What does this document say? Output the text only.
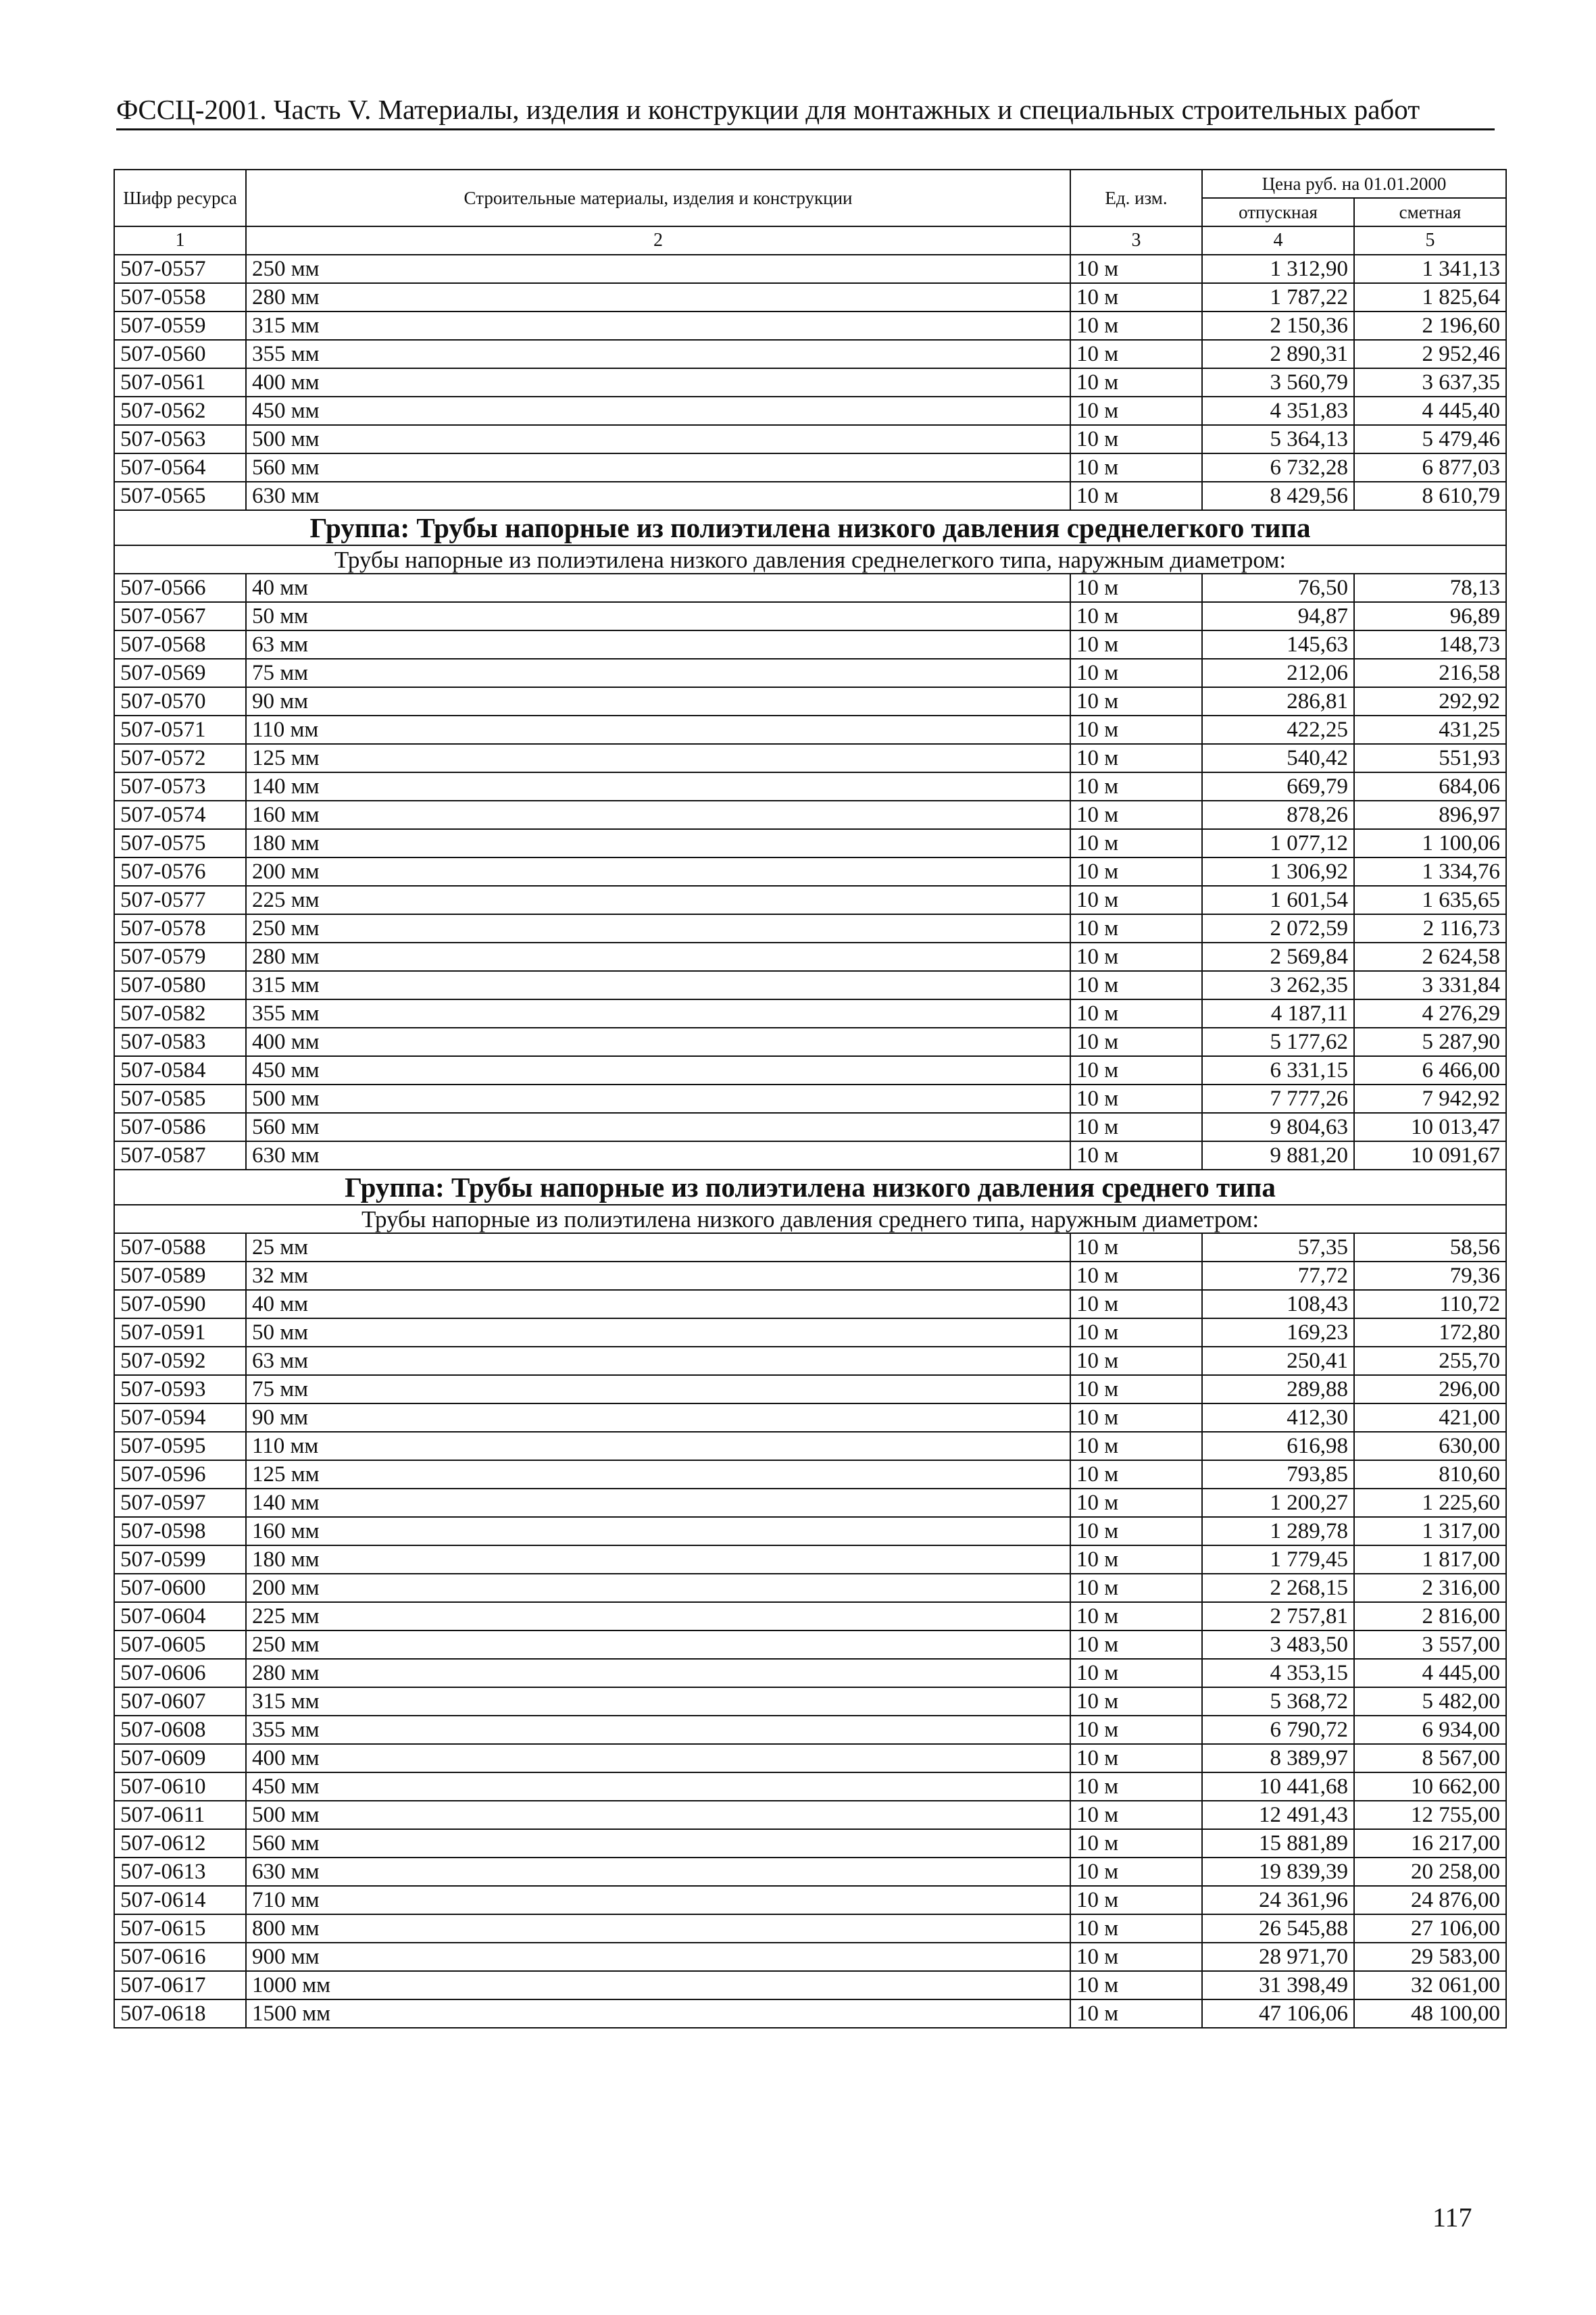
ФССЦ-2001. Часть V. Материалы, изделия и конструкции для монтажных и специальных строительных работ
Шифр ресурса	Строительные материалы, изделия и конструкции	Ед. изм.	Цена руб. на 01.01.2000	
			отпускная	сметная
1	2	3	4	5
507-0557	250 мм	10 м	1 312,90	1 341,13
507-0558	280 мм	10 м	1 787,22	1 825,64
507-0559	315 мм	10 м	2 150,36	2 196,60
507-0560	355 мм	10 м	2 890,31	2 952,46
507-0561	400 мм	10 м	3 560,79	3 637,35
507-0562	450 мм	10 м	4 351,83	4 445,40
507-0563	500 мм	10 м	5 364,13	5 479,46
507-0564	560 мм	10 м	6 732,28	6 877,03
507-0565	630 мм	10 м	8 429,56	8 610,79
Группа: Трубы напорные из полиэтилена низкого давления среднелегкого типа				
Трубы напорные из полиэтилена низкого давления среднелегкого типа, наружным диаметром:				
507-0566	40 мм	10 м	76,50	78,13
507-0567	50 мм	10 м	94,87	96,89
507-0568	63 мм	10 м	145,63	148,73
507-0569	75 мм	10 м	212,06	216,58
507-0570	90 мм	10 м	286,81	292,92
507-0571	110 мм	10 м	422,25	431,25
507-0572	125 мм	10 м	540,42	551,93
507-0573	140 мм	10 м	669,79	684,06
507-0574	160 мм	10 м	878,26	896,97
507-0575	180 мм	10 м	1 077,12	1 100,06
507-0576	200 мм	10 м	1 306,92	1 334,76
507-0577	225 мм	10 м	1 601,54	1 635,65
507-0578	250 мм	10 м	2 072,59	2 116,73
507-0579	280 мм	10 м	2 569,84	2 624,58
507-0580	315 мм	10 м	3 262,35	3 331,84
507-0582	355 мм	10 м	4 187,11	4 276,29
507-0583	400 мм	10 м	5 177,62	5 287,90
507-0584	450 мм	10 м	6 331,15	6 466,00
507-0585	500 мм	10 м	7 777,26	7 942,92
507-0586	560 мм	10 м	9 804,63	10 013,47
507-0587	630 мм	10 м	9 881,20	10 091,67
Группа: Трубы напорные из полиэтилена низкого давления среднего типа				
Трубы напорные из полиэтилена низкого давления среднего типа, наружным диаметром:				
507-0588	25 мм	10 м	57,35	58,56
507-0589	32 мм	10 м	77,72	79,36
507-0590	40 мм	10 м	108,43	110,72
507-0591	50 мм	10 м	169,23	172,80
507-0592	63 мм	10 м	250,41	255,70
507-0593	75 мм	10 м	289,88	296,00
507-0594	90 мм	10 м	412,30	421,00
507-0595	110 мм	10 м	616,98	630,00
507-0596	125 мм	10 м	793,85	810,60
507-0597	140 мм	10 м	1 200,27	1 225,60
507-0598	160 мм	10 м	1 289,78	1 317,00
507-0599	180 мм	10 м	1 779,45	1 817,00
507-0600	200 мм	10 м	2 268,15	2 316,00
507-0604	225 мм	10 м	2 757,81	2 816,00
507-0605	250 мм	10 м	3 483,50	3 557,00
507-0606	280 мм	10 м	4 353,15	4 445,00
507-0607	315 мм	10 м	5 368,72	5 482,00
507-0608	355 мм	10 м	6 790,72	6 934,00
507-0609	400 мм	10 м	8 389,97	8 567,00
507-0610	450 мм	10 м	10 441,68	10 662,00
507-0611	500 мм	10 м	12 491,43	12 755,00
507-0612	560 мм	10 м	15 881,89	16 217,00
507-0613	630 мм	10 м	19 839,39	20 258,00
507-0614	710 мм	10 м	24 361,96	24 876,00
507-0615	800 мм	10 м	26 545,88	27 106,00
507-0616	900 мм	10 м	28 971,70	29 583,00
507-0617	1000 мм	10 м	31 398,49	32 061,00
507-0618	1500 мм	10 м	47 106,06	48 100,00
117
